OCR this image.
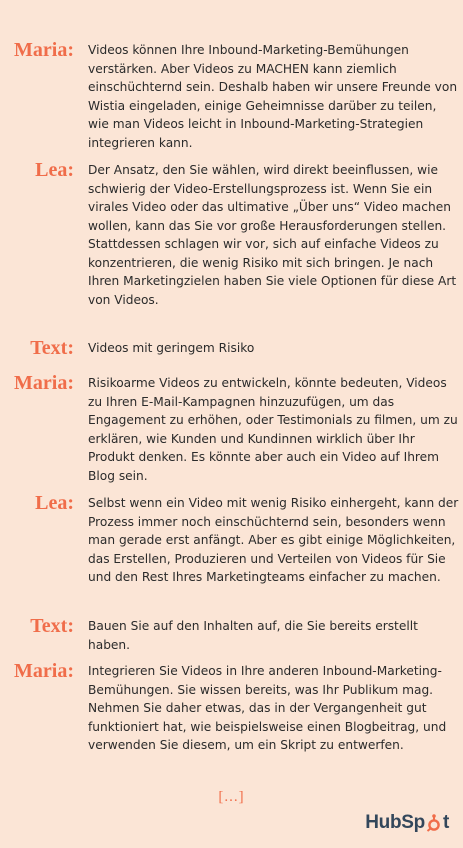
Maria: Videos können Ihre Inbound-Marketing-Bemühungen verstärken. Aber Videos zu MACHEN kann ziemlich einschüchternd sein. Deshalb haben wir unsere Freunde von Wistia eingeladen, einige Geheimnisse darüber zu teilen, wie man Videos leicht in Inbound-Marketing-Strategien integrieren kann.
Lea: Der Ansatz, den Sie wählen, wird direkt beeinflussen, wie schwierig der Video-Erstellungsprozess ist. Wenn Sie ein virales Video oder das ultimative „Über uns“ Video machen wollen, kann das Sie vor große Herausforderungen stellen. Stattdessen schlagen wir vor, sich auf einfache Videos zu konzentrieren, die wenig Risiko mit sich bringen. Je nach Ihren Marketingzielen haben Sie viele Optionen für diese Art von Videos.
Text: Videos mit geringem Risiko
Maria: Risikoarme Videos zu entwickeln, könnte bedeuten, Videos zu Ihren E-Mail-Kampagnen hinzuzufügen, um das Engagement zu erhöhen, oder Testimonials zu filmen, um zu erklären, wie Kunden und Kundinnen wirklich über Ihr Produkt denken. Es könnte aber auch ein Video auf Ihrem Blog sein.
Lea: Selbst wenn ein Video mit wenig Risiko einhergeht, kann der Prozess immer noch einschüchternd sein, besonders wenn man gerade erst anfängt. Aber es gibt einige Möglichkeiten, das Erstellen, Produzieren und Verteilen von Videos für Sie und den Rest Ihres Marketingteams einfacher zu machen.
Text: Bauen Sie auf den Inhalten auf, die Sie bereits erstellt haben.
Maria: Integrieren Sie Videos in Ihre anderen Inbound-Marketing-Bemühungen. Sie wissen bereits, was Ihr Publikum mag. Nehmen Sie daher etwas, das in der Vergangenheit gut funktioniert hat, wie beispielsweise einen Blogbeitrag, und verwenden Sie diesem, um ein Skript zu entwerfen.
[...]
HubSp t
